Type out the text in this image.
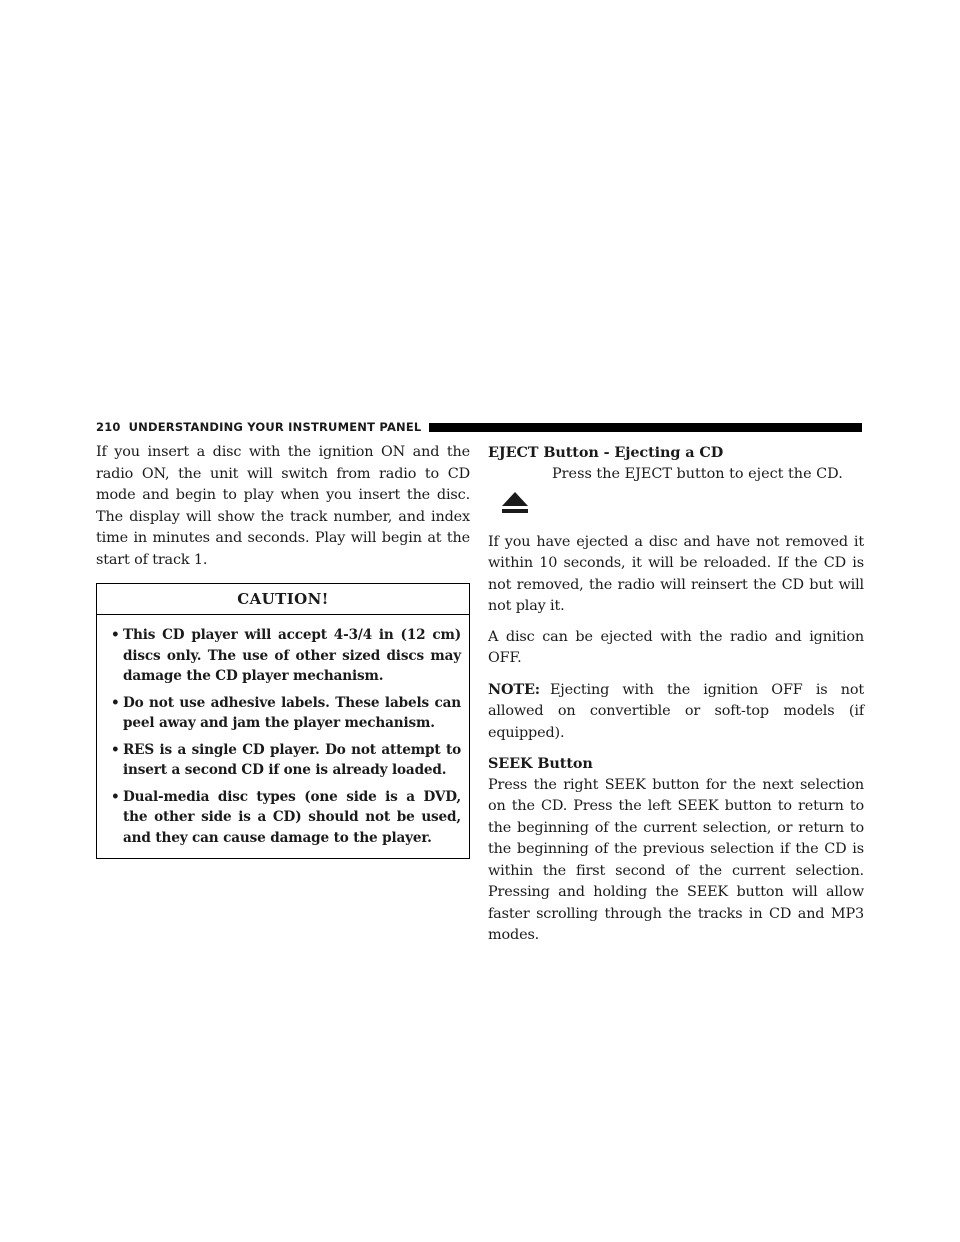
210 UNDERSTANDING YOUR INSTRUMENT PANEL

If you insert a disc with the ignition ON and the radio ON, the unit will switch from radio to CD mode and begin to play when you insert the disc. The display will show the track number, and index time in minutes and seconds. Play will begin at the start of track 1.

CAUTION!
• This CD player will accept 4-3/4 in (12 cm) discs only. The use of other sized discs may damage the CD player mechanism.
• Do not use adhesive labels. These labels can peel away and jam the player mechanism.
• RES is a single CD player. Do not attempt to insert a second CD if one is already loaded.
• Dual-media disc types (one side is a DVD, the other side is a CD) should not be used, and they can cause damage to the player.
EJECT Button - Ejecting a CD
Press the EJECT button to eject the CD.

If you have ejected a disc and have not removed it within 10 seconds, it will be reloaded. If the CD is not removed, the radio will reinsert the CD but will not play it.

A disc can be ejected with the radio and ignition OFF.

NOTE: Ejecting with the ignition OFF is not allowed on convertible or soft-top models (if equipped).

SEEK Button

Press the right SEEK button for the next selection on the CD. Press the left SEEK button to return to the beginning of the current selection, or return to the beginning of the previous selection if the CD is within the first second of the current selection. Pressing and holding the SEEK button will allow faster scrolling through the tracks in CD and MP3 modes.
